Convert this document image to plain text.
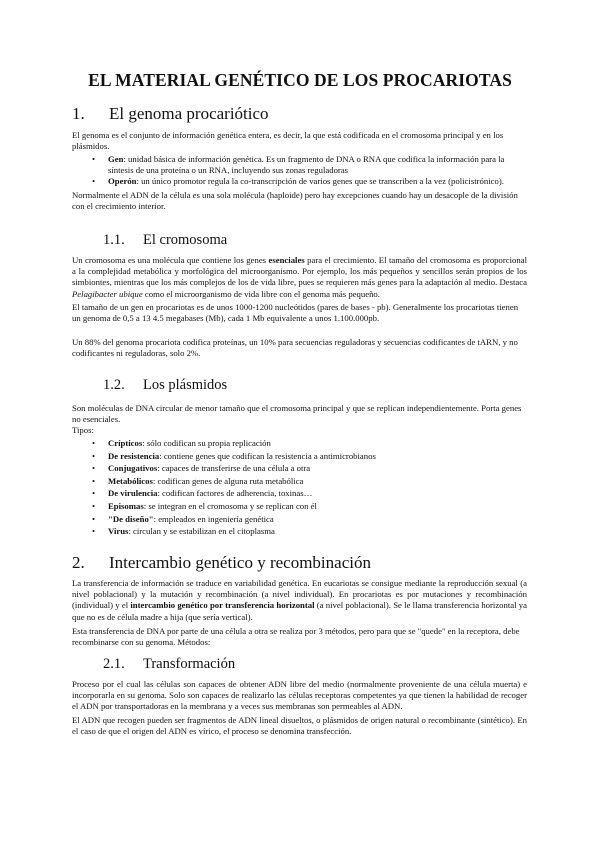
EL MATERIAL GENÉTICO DE LOS PROCARIOTAS
1. El genoma procariótico

El genoma es el conjunto de información genética entera, es decir, la que está codificada en el cromosoma principal y en los plásmidos.

• Gen: unidad básica de información genética. Es un fragmento de DNA o RNA que codifica la información para la síntesis de una proteína o un RNA, incluyendo sus zonas reguladoras
• Operón: un único promotor regula la co-transcripción de varios genes que se transcriben a la vez (policistrónico).

Normalmente el ADN de la célula es una sola molécula (haploide) pero hay excepciones cuando hay un desacople de la división con el crecimiento interior.

1.1. El cromosoma

Un cromosoma es una molécula que contiene los genes esenciales para el crecimiento. El tamaño del cromosoma es proporcional a la complejidad metabólica y morfológica del microorganismo. Por ejemplo, los más pequeños y sencillos serán propios de los simbiontes, mientras que los más complejos de los de vida libre, pues se requieren más genes para la adaptación al medio. Destaca Pelagibacter ubique como el microorganismo de vida libre con el genoma más pequeño.

El tamaño de un gen en procariotas es de unos 1000-1200 nucleótidos (pares de bases - pb). Generalmente los procariotas tienen un genoma de 0,5 a 13 4.5 megabases (Mb), cada 1 Mb equivalente a unos 1.100.000pb.

Un 88% del genoma procariota codifica proteínas, un 10% para secuencias reguladoras y secuencias codificantes de tARN, y no codificantes ni reguladoras, solo 2%.

1.2. Los plásmidos

Son moléculas de DNA circular de menor tamaño que el cromosoma principal y que se replican independientemente. Porta genes no esenciales.

Tipos:

• Crípticos: sólo codifican su propia replicación
• De resistencia: contiene genes que codifican la resistencia a antimicrobianos
• Conjugativos: capaces de transferirse de una célula a otra
• Metabólicos: codifican genes de alguna ruta metabólica
• De virulencia: codifican factores de adherencia, toxinas…
• Episomas: se integran en el cromosoma y se replican con él
• "De diseño": empleados en ingeniería genética
• Virus: circulan y se estabilizan en el citoplasma
2. Intercambio genético y recombinación

La transferencia de información se traduce en variabilidad genética. En eucariotas se consigue mediante la reproducción sexual (a nivel poblacional) y la mutación y recombinación (a nivel individual). En procariotas es por mutaciones y recombinación (individual) y el intercambio genético por transferencia horizontal (a nivel poblacional). Se le llama transferencia horizontal ya que no es de célula madre a hija (que sería vertical).

Esta transferencia de DNA por parte de una célula a otra se realiza por 3 métodos, pero para que se "quede" en la receptora, debe recombinarse con su genoma. Métodos:

2.1. Transformación

Proceso por el cual las células son capaces de obtener ADN libre del medio (normalmente proveniente de una célula muerta) e incorporarla en su genoma. Solo son capaces de realizarlo las células receptoras competentes ya que tienen la habilidad de recoger el ADN por transportadoras en la membrana y a veces sus membranas son permeables al ADN.

El ADN que recogen pueden ser fragmentos de ADN lineal disueltos, o plásmidos de origen natural o recombinante (sintético). En el caso de que el origen del ADN es vírico, el proceso se denomina transfección.
